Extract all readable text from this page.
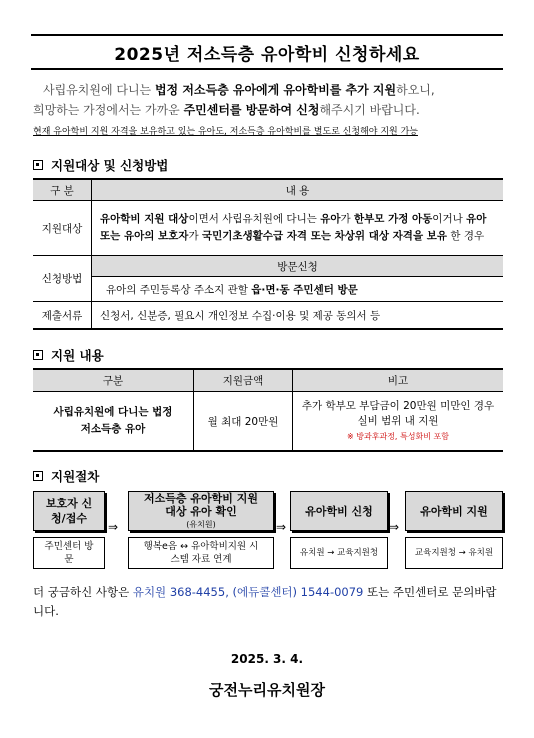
2025년 저소득층 유아학비 신청하세요
사립유치원에 다니는 법정 저소득층 유아에게 유아학비를 추가 지원하오니,
희망하는 가정에서는 가까운 주민센터를 방문하여 신청해주시기 바랍니다.
현재 유아학비 지원 자격을 보유하고 있는 유아도, 저소득층 유아학비를 별도로 신청해야 지원 가능
지원대상 및 신청방법
구 분	내 용
지원대상	유아학비 지원 대상이면서 사립유치원에 다니는 유아가 한부모 가정 아동이거나 유아 또는 유아의 보호자가 국민기초생활수급 자격 또는 차상위 대상 자격을 보유 한 경우
신청방법	방문신청
	유아의 주민등록상 주소지 관할 읍·면·동 주민센터 방문
제출서류	신청서, 신분증, 필요시 개인정보 수집·이용 및 제공 동의서 등
지원 내용
구분	지원금액	비고
사립유치원에 다니는 법정 저소득층 유아	월 최대 20만원	추가 학부모 부담금이 20만원 미만인 경우 실비 범위 내 지원
※ 방과후과정, 특성화비 포함
지원절차
보호자 신청/접수
주민센터 방문
⇒
저소득층 유아학비 지원 대상 유아 확인
(유치원)
행복e음 ↔ 유아학비지원 시스템 자료 연계
⇒
유아학비 신청
유치원 → 교육지원청
⇒
유아학비 지원
교육지원청 → 유치원
더 궁금하신 사항은 유치원 368-4455, (에듀콜센터) 1544-0079 또는 주민센터로 문의바랍니다.
2025. 3. 4.
궁전누리유치원장
